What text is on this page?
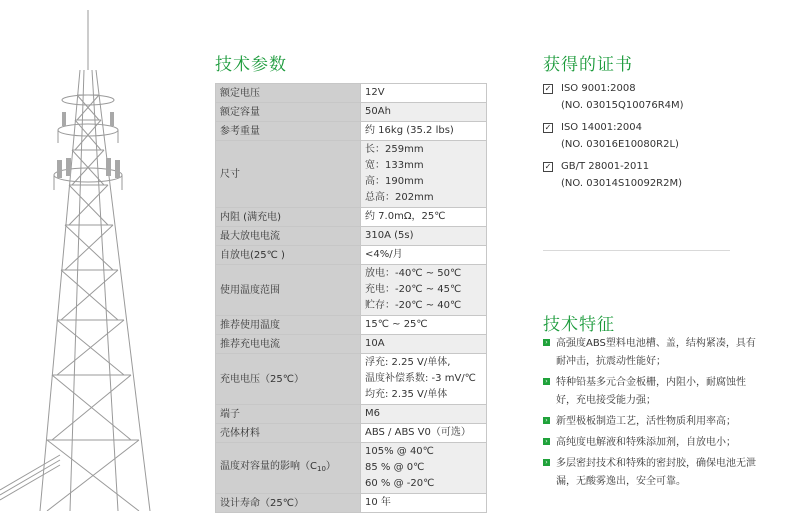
技术参数
额定电压	12V

额定容量	50Ah

参考重量	约 16kg (35.2 lbs)

尺寸	长：259mm
宽：133mm
高：190mm
总高：202mm

内阻 (满充电)	约 7.0mΩ，25℃

最大放电电流	310A (5s)

自放电(25℃ )	<4%/月

使用温度范围	放电：-40℃ ~ 50℃
充电：-20℃ ~ 45℃
贮存：-20℃ ~ 40℃

推荐使用温度	15℃ ~ 25℃

推荐充电电流	10A

充电电压（25℃）	浮充: 2.25 V/单体,
温度补偿系数: -3 mV/℃
均充: 2.35 V/单体

端子	M6

壳体材料	ABS / ABS V0（可选）

温度对容量的影响$(C_{10})$	105% @ 40℃
85 % @ 0℃
60 % @ -20℃

设计寿命（25℃）	10 年
获得的证书
✓ ISO 9001:2008
(NO. 03015Q10076R4M)
✓ ISO 14001:2004
(NO. 03016E10080R2L)
✓ GB/T 28001-2011
(NO. 03014S10092R2M)
技术特征
› 高强度ABS塑料电池槽、盖，结构紧凑，具有耐冲击，抗震动性能好；
› 特种铅基多元合金板栅，内阻小，耐腐蚀性好，充电接受能力强；
› 新型极板制造工艺，活性物质利用率高；
› 高纯度电解液和特殊添加剂，自放电小；
› 多层密封技术和特殊的密封胶，确保电池无泄漏，无酸雾逸出，安全可靠。
